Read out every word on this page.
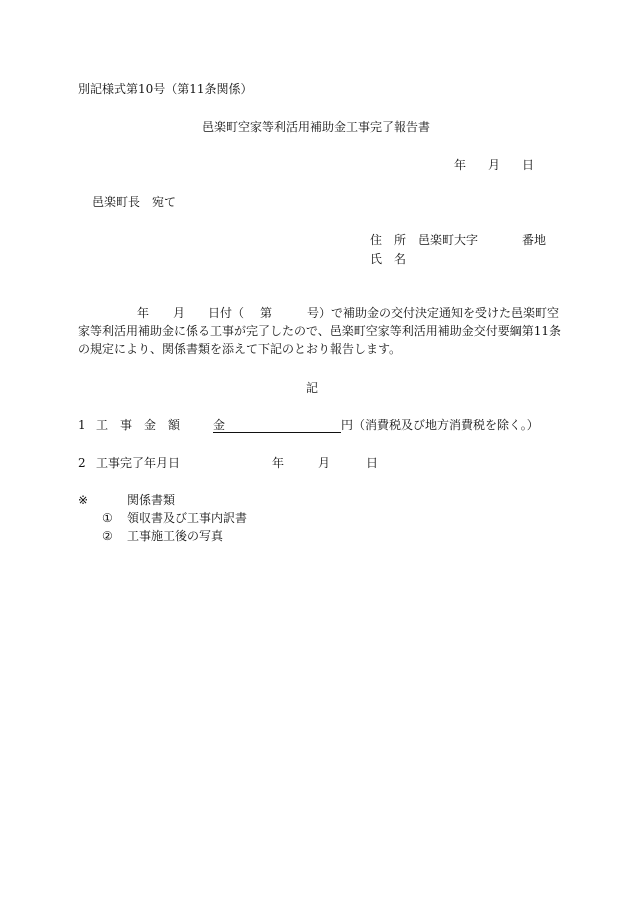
別記様式第10号（第11条関係）
邑楽町空家等利活用補助金工事完了報告書
年 月 日
邑楽町長　宛て
住　所 邑楽町大字	番地
氏　名
年 月 日付（ 第	号）で補助金の交付決定通知を受けた邑楽町空
家等利活用補助金に係る工事が完了したので、邑楽町空家等利活用補助金交付要綱第11条
の規定により、関係書類を添えて下記のとおり報告します。
記
1 工　事　金　額	金	円（消費税及び地方消費税を除く。）
2 工事完了年月日	年	月	日
※	関係書類
① 領収書及び工事内訳書
② 工事施工後の写真
